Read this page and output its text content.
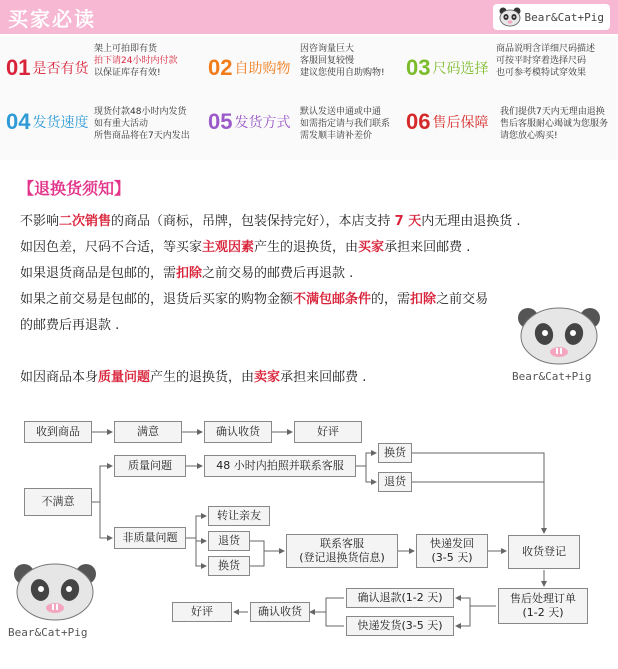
买家必读	Bear&Cat+Pig
01 是否有货
架上可拍即有货
拍下请24小时内付款
以保证库存有效!	02 自助购物
因咨询量巨大
客服回复较慢
建议您使用自助购物! 03 尺码选择
商品说明含详细尺码描述
可按平时穿着选择尺码
也可参考模特试穿效果
04 发货速度
现货付款48小时内发货
如有重大活动
所售商品将在7天内发出
05 发货方式
默认发送申通或中通
如需指定请与我们联系
需发顺丰请补差价
06 售后保障
我们提供7天内无理由退换
售后客服耐心竭诚为您服务
请您放心购买!
【退换货须知】
不影响二次销售的商品（商标，吊牌，包装保持完好），本店支持 7 天内无理由退换货 .
如因色差，尺码不合适，等买家主观因素产生的退换货，由买家承担来回邮费 .
如果退货商品是包邮的，需扣除之前交易的邮费后再退款 .
如果之前交易是包邮的，退货后买家的购物金额不满包邮条件的，需扣除之前交易
的邮费后再退款 .
如因商品本身质量问题产生的退换货，由卖家承担来回邮费 .	Bear&Cat+Pig
收到商品	满意	确认收货	好评
不满意
质量问题	48 小时内拍照并联系客服
换货
退货
非质量问题
转让亲友
退货
换货
联系客服
(登记退换货信息)
快递发回
(3-5 天)	收货登记
售后处理订单
(1-2 天)
确认退款(1-2 天)
快递发货(3-5 天)
确认收货
好评
Bear&Cat+Pig
